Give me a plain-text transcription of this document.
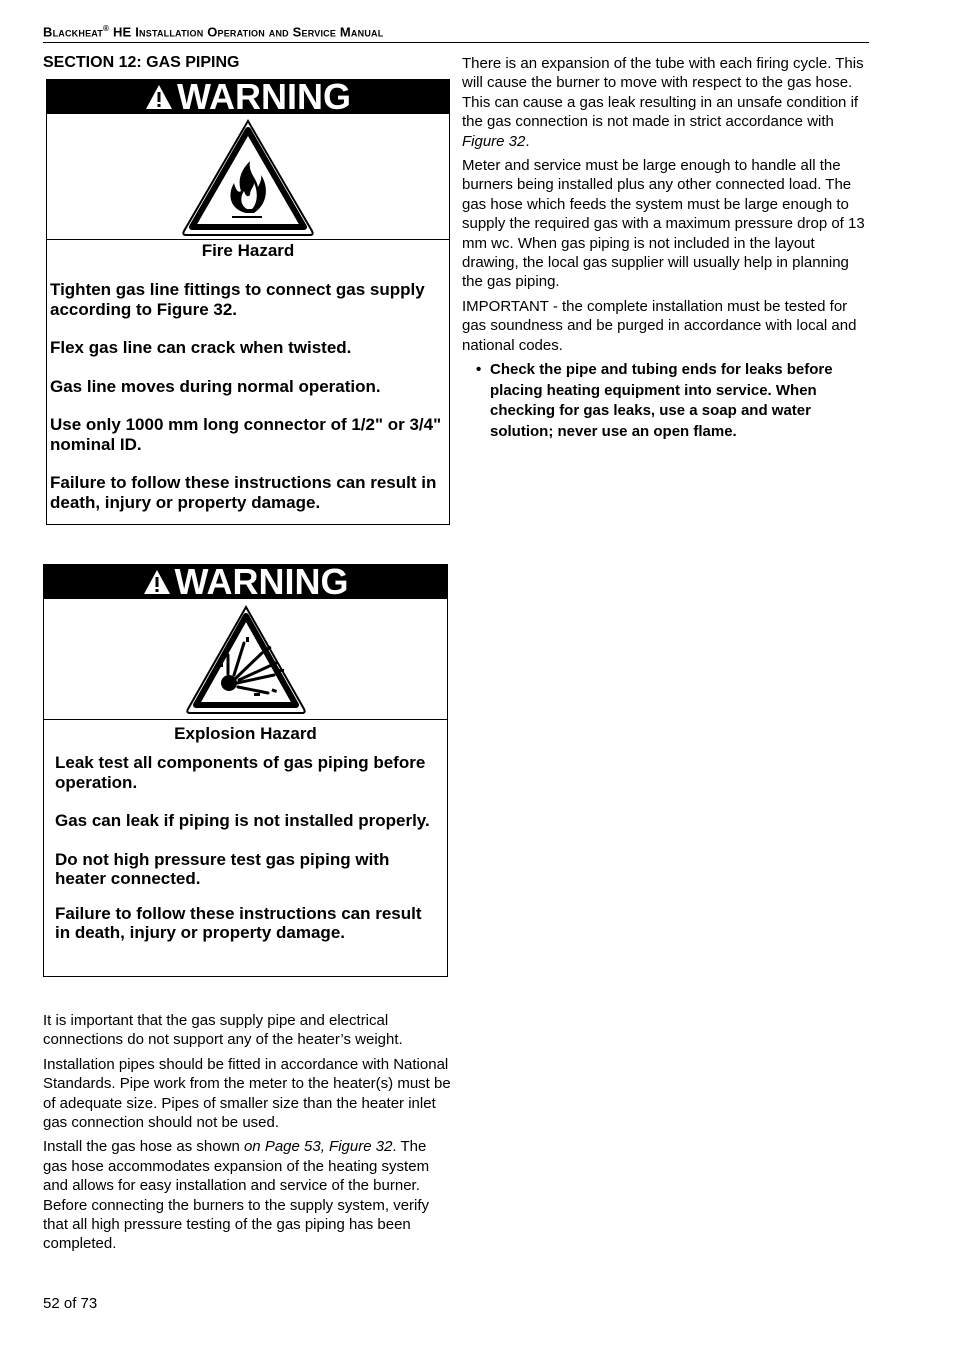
Blackheat® HE Installation Operation and Service Manual
SECTION 12: GAS PIPING
WARNING
Fire Hazard

Tighten gas line fittings to connect gas supply according to Figure 32.

Flex gas line can crack when twisted.

Gas line moves during normal operation.

Use only 1000 mm long connector of 1/2" or 3/4" nominal ID.

Failure to follow these instructions can result in death, injury or property damage.

WARNING
Explosion Hazard

Leak test all components of gas piping before operation.

Gas can leak if piping is not installed properly.

Do not high pressure test gas piping with heater connected.

Failure to follow these instructions can result in death, injury or property damage.

It is important that the gas supply pipe and electrical connections do not support any of the heater’s weight.

Installation pipes should be fitted in accordance with National Standards. Pipe work from the meter to the heater(s) must be of adequate size. Pipes of smaller size than the heater inlet gas connection should not be used.

Install the gas hose as shown on Page 53, Figure 32. The gas hose accommodates expansion of the heating system and allows for easy installation and service of the burner. Before connecting the burners to the supply system, verify that all high pressure testing of the gas piping has been completed.

There is an expansion of the tube with each firing cycle. This will cause the burner to move with respect to the gas hose. This can cause a gas leak resulting in an unsafe condition if the gas connection is not made in strict accordance with Figure 32.

Meter and service must be large enough to handle all the burners being installed plus any other connected load. The gas hose which feeds the system must be large enough to supply the required gas with a maximum pressure drop of 13 mm wc. When gas piping is not included in the layout drawing, the local gas supplier will usually help in planning the gas piping.

IMPORTANT - the complete installation must be tested for gas soundness and be purged in accordance with local and national codes.

• Check the pipe and tubing ends for leaks before placing heating equipment into service. When checking for gas leaks, use a soap and water solution; never use an open flame.
52 of 73
